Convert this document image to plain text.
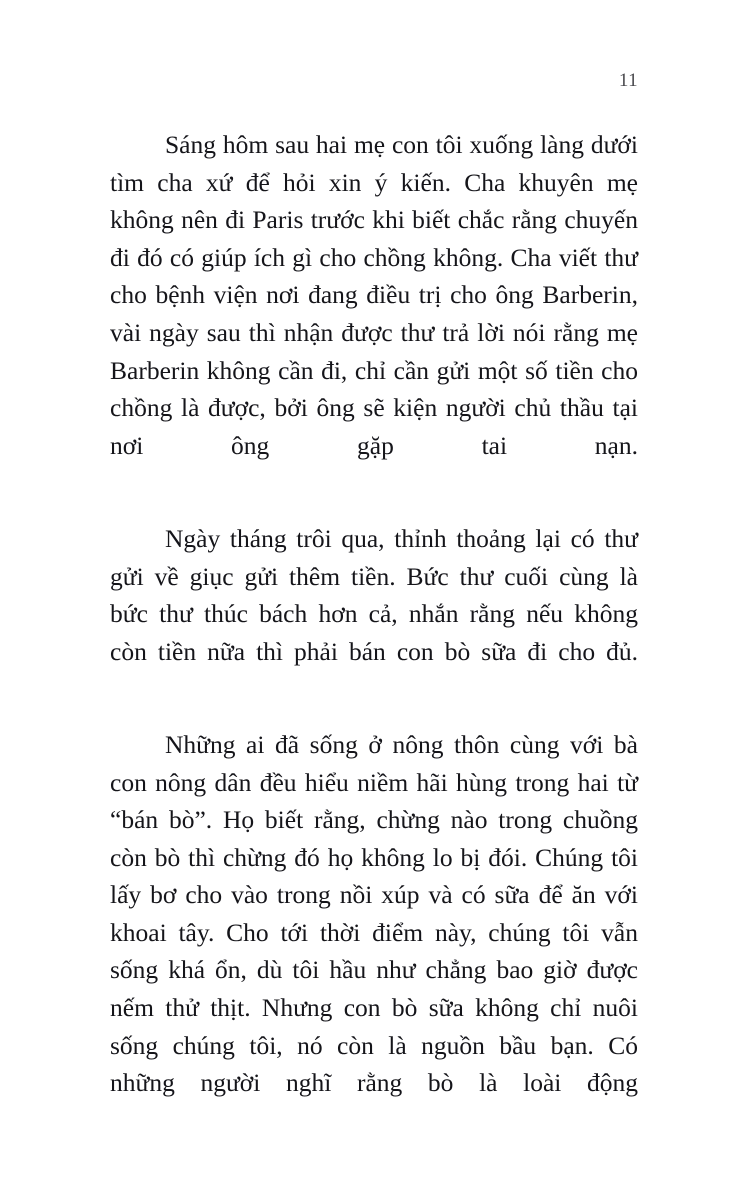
11

Sáng hôm sau hai mẹ con tôi xuống làng dưới tìm cha xứ để hỏi xin ý kiến. Cha khuyên mẹ không nên đi Paris trước khi biết chắc rằng chuyến đi đó có giúp ích gì cho chồng không. Cha viết thư cho bệnh viện nơi đang điều trị cho ông Barberin, vài ngày sau thì nhận được thư trả lời nói rằng mẹ Barberin không cần đi, chỉ cần gửi một số tiền cho chồng là được, bởi ông sẽ kiện người chủ thầu tại nơi ông gặp tai nạn.

Ngày tháng trôi qua, thỉnh thoảng lại có thư gửi về giục gửi thêm tiền. Bức thư cuối cùng là bức thư thúc bách hơn cả, nhắn rằng nếu không còn tiền nữa thì phải bán con bò sữa đi cho đủ.

Những ai đã sống ở nông thôn cùng với bà con nông dân đều hiểu niềm hãi hùng trong hai từ “bán bò”. Họ biết rằng, chừng nào trong chuồng còn bò thì chừng đó họ không lo bị đói. Chúng tôi lấy bơ cho vào trong nồi xúp và có sữa để ăn với khoai tây. Cho tới thời điểm này, chúng tôi vẫn sống khá ổn, dù tôi hầu như chẳng bao giờ được nếm thử thịt. Nhưng con bò sữa không chỉ nuôi sống chúng tôi, nó còn là nguồn bầu bạn. Có những người nghĩ rằng bò là loài động
